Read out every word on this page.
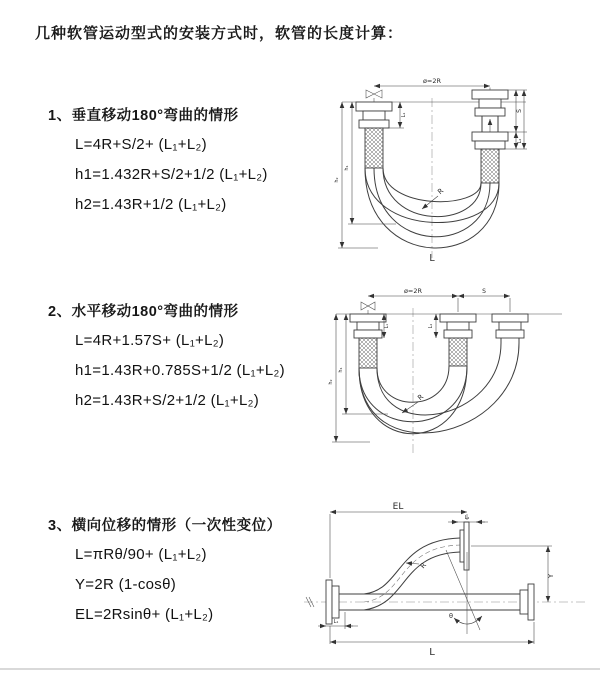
几种软管运动型式的安装方式时，软管的长度计算：
1、垂直移动180°弯曲的情形
L=4R+S/2+ (L₁+L₂)
h1=1.432R+S/2+1/2 (L₁+L₂)
h2=1.43R+1/2 (L₁+L₂)
ø=2R
h₂
h₁
L₁
S
L₂
R
L
2、水平移动180°弯曲的情形
L=4R+1.57S+ (L₁+L₂)
h1=1.43R+0.785S+1/2 (L₁+L₂)
h2=1.43R+S/2+1/2 (L₁+L₂)
ø=2R	S
L₁	L₂
h₂
h₁
R
3、横向位移的情形（一次性变位）
L=πRθ/90+ (L₁+L₂)
Y=2R (1-cosθ)
EL=2Rsinθ+ (L₁+L₂)
EL
L₂
Y
θ
R
L
L₁
